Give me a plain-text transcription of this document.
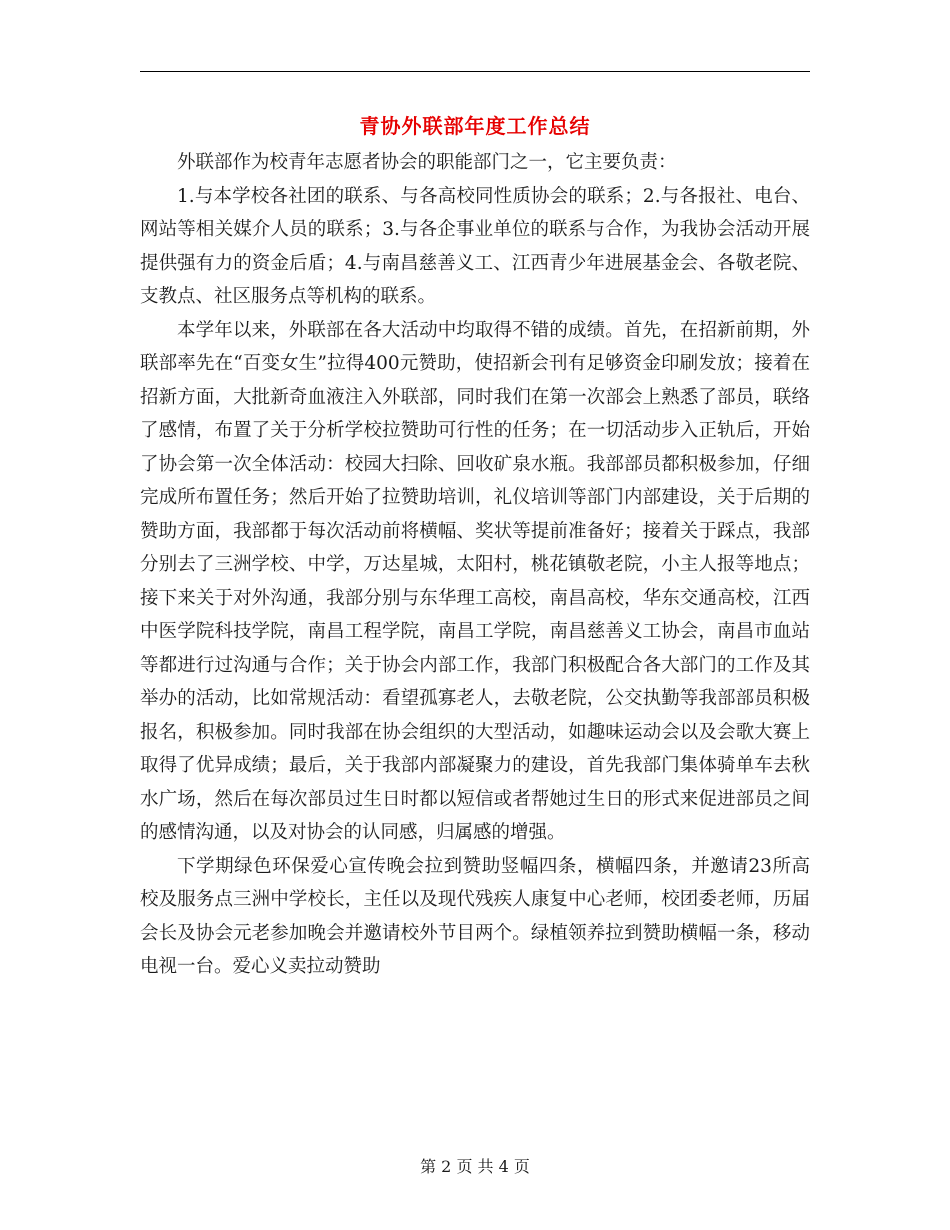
青协外联部年度工作总结

外联部作为校青年志愿者协会的职能部门之一，它主要负责：

1.与本学校各社团的联系、与各高校同性质协会的联系；2.与各报社、电台、网站等相关媒介人员的联系；3.与各企事业单位的联系与合作，为我协会活动开展提供强有力的资金后盾；4.与南昌慈善义工、江西青少年进展基金会、各敬老院、支教点、社区服务点等机构的联系。

本学年以来，外联部在各大活动中均取得不错的成绩。首先，在招新前期，外联部率先在“百变女生”拉得400元赞助，使招新会刊有足够资金印刷发放；接着在招新方面，大批新奇血液注入外联部，同时我们在第一次部会上熟悉了部员，联络了感情，布置了关于分析学校拉赞助可行性的任务；在一切活动步入正轨后，开始了协会第一次全体活动：校园大扫除、回收矿泉水瓶。我部部员都积极参加，仔细完成所布置任务；然后开始了拉赞助培训，礼仪培训等部门内部建设，关于后期的赞助方面，我部都于每次活动前将横幅、奖状等提前准备好；接着关于踩点，我部分别去了三洲学校、中学，万达星城，太阳村，桃花镇敬老院，小主人报等地点；接下来关于对外沟通，我部分别与东华理工高校，南昌高校，华东交通高校，江西中医学院科技学院，南昌工程学院，南昌工学院，南昌慈善义工协会，南昌市血站等都进行过沟通与合作；关于协会内部工作，我部门积极配合各大部门的工作及其举办的活动，比如常规活动：看望孤寡老人，去敬老院，公交执勤等我部部员积极报名，积极参加。同时我部在协会组织的大型活动，如趣味运动会以及会歌大赛上取得了优异成绩；最后，关于我部内部凝聚力的建设，首先我部门集体骑单车去秋水广场，然后在每次部员过生日时都以短信或者帮她过生日的形式来促进部员之间的感情沟通，以及对协会的认同感，归属感的增强。

下学期绿色环保爱心宣传晚会拉到赞助竖幅四条，横幅四条，并邀请23所高校及服务点三洲中学校长，主任以及现代残疾人康复中心老师，校团委老师，历届会长及协会元老参加晚会并邀请校外节目两个。绿植领养拉到赞助横幅一条，移动电视一台。爱心义卖拉动赞助

第 2 页 共 4 页
